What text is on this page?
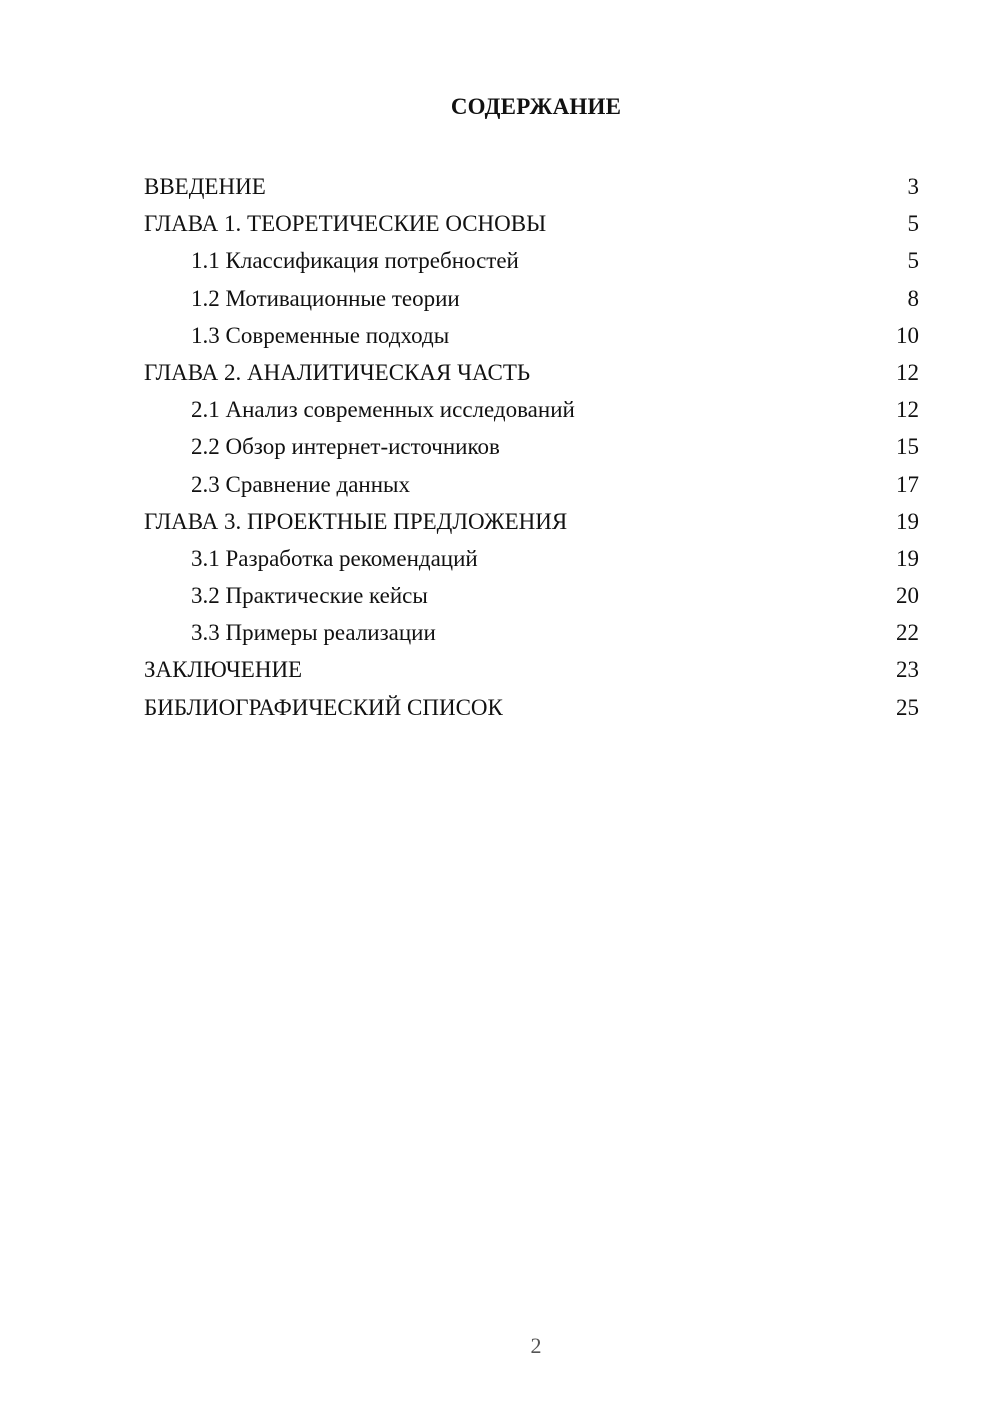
СОДЕРЖАНИЕ
ВВЕДЕНИЕ	3
ГЛАВА 1. ТЕОРЕТИЧЕСКИЕ ОСНОВЫ	5
1.1 Классификация потребностей	5
1.2 Мотивационные теории	8
1.3 Современные подходы	10
ГЛАВА 2. АНАЛИТИЧЕСКАЯ ЧАСТЬ	12
2.1 Анализ современных исследований	12
2.2 Обзор интернет-источников	15
2.3 Сравнение данных	17
ГЛАВА 3. ПРОЕКТНЫЕ ПРЕДЛОЖЕНИЯ	19
3.1 Разработка рекомендаций	19
3.2 Практические кейсы	20
3.3 Примеры реализации	22
ЗАКЛЮЧЕНИЕ	23
БИБЛИОГРАФИЧЕСКИЙ СПИСОК	25
2
